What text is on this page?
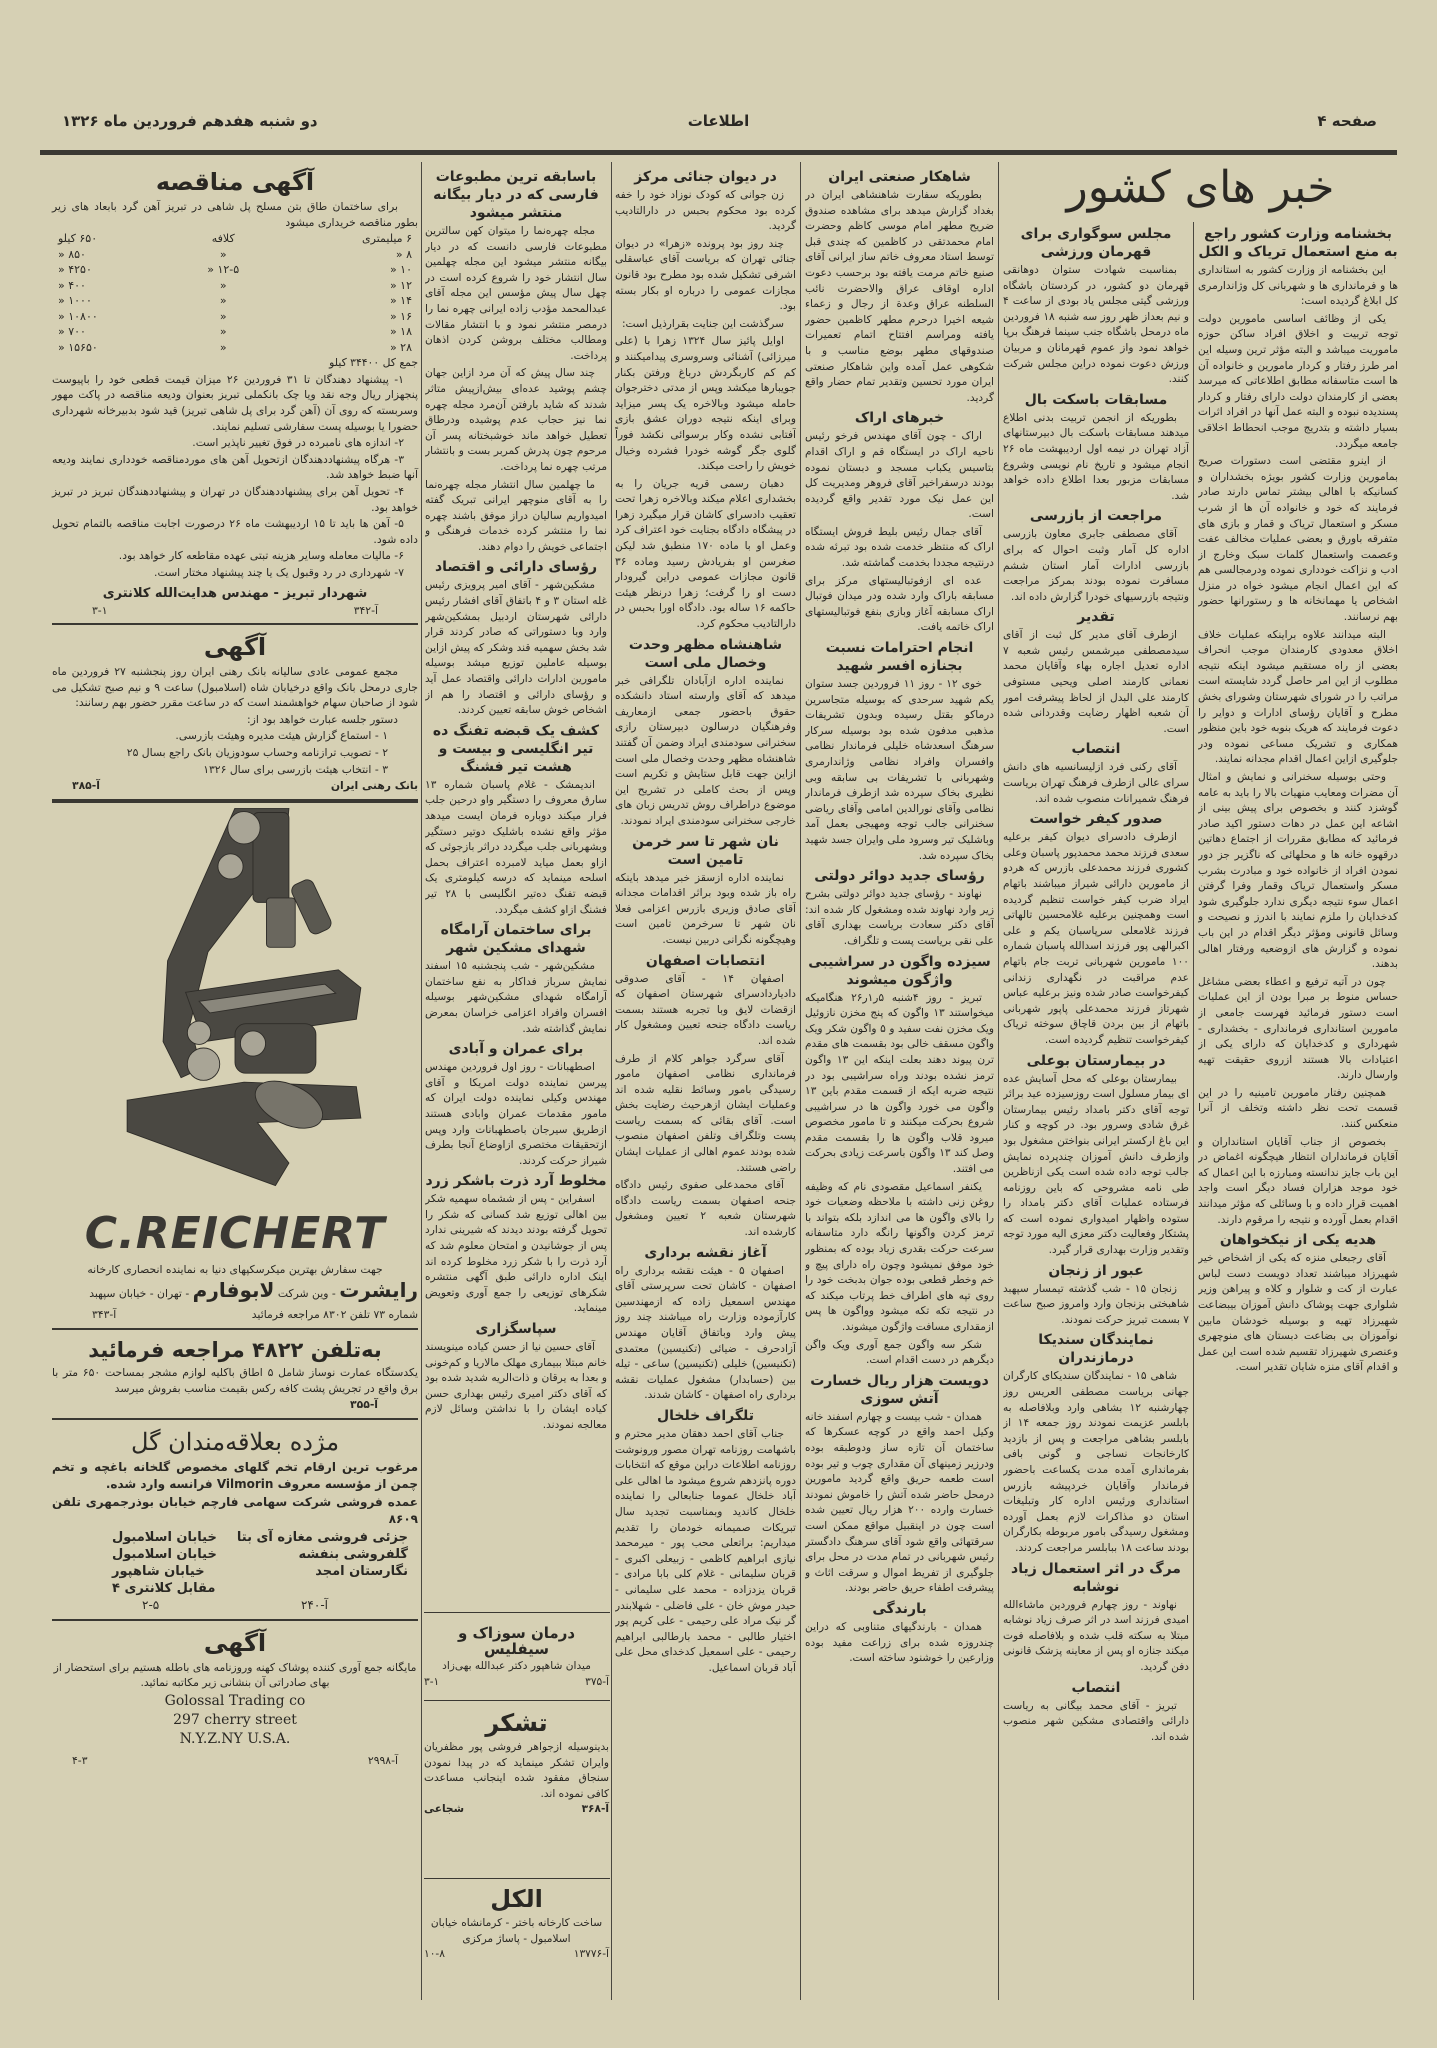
صفحه ۴
اطلاعات
دو شنبه هفدهم فروردین ماه ۱۳۲۶
خبر های کشور
بخشنامه وزارت کشور راجع به منع استعمال تریاک و الکل

این بخشنامه از وزارت کشور به استانداری ها و فرمانداری ها و شهربانی کل وژاندارمری کل ابلاغ گردیده است:

یکی از وظائف اساسی مامورین دولت توجه تربیت و اخلاق افراد ساکن حوزه ماموریت میباشد و البته مؤثر ترین وسیله این امر طرز رفتار و کردار مامورین و خانواده آن ها است متاسفانه مطابق اطلاعاتی که میرسد بعضی از کارمندان دولت دارای رفتار و کردار پسندیده نبوده و البته عمل آنها در افراد اثرات بسیار داشته و بتدریج موجب انحطاط اخلاقی جامعه میگردد.

از اینرو مقتضی است دستورات صریح بمامورین وزارت کشور بویژه بخشداران و کسانیکه با اهالی بیشتر تماس دارند صادر فرمایند که خود و خانواده آن ها از شرب مسکر و استعمال تریاک و قمار و بازی های متفرقه باورق و بعضی عملیات مخالف عفت وعصمت واستعمال کلمات سبک وخارج از ادب و نزاکت خودداری نموده ودرمجالسی هم که این اعمال انجام میشود خواه در منزل اشخاص یا مهمانخانه ها و رستورانها حضور بهم نرسانند.

البته میدانند علاوه براینکه عملیات خلاف اخلاق معدودی کارمندان موجب انحراف بعضی از راه مستقیم میشود اینکه نتیجه مطلوب از این امر حاصل گردد شایسته است مراتب را در شورای شهرستان وشورای بخش مطرح و آقایان رؤسای ادارات و دوایر را دعوت فرمایند که هریک بنوبه خود باین منظور همکاری و تشریک مساعی نموده ودر جلوگیری ازاین اعمال اقدام مجدانه نمایند.

وحتی بوسیله سخنرانی و نمایش و امثال آن مضرات ومعایب منهیات بالا را باید به عامه گوشزد کنند و بخصوص برای پیش بینی از اشاعه این عمل در دهات دستور اکید صادر فرمائید که مطابق مقررات از اجتماع دهاتین درقهوه خانه ها و محلهائی که ناگزیر جز دور نمودن افراد از خانواده خود و مبادرت بشرب مسکر واستعمال تریاک وقمار وفرا گرفتن اعمال سوء نتیجه دیگری ندارد جلوگیری شود کدخدایان را ملزم نمایند با اندرز و نصیحت و وسائل قانونی ومؤثر دیگر اقدام در این باب نموده و گزارش های ازوضعیه ورفتار اهالی بدهند.

چون در آتیه ترفیع و اعطاء بعضی مشاغل حساس منوط بر مبرا بودن از این عملیات است دستور فرمائید فهرست جامعی از مامورین استانداری فرمانداری - بخشداری - شهرداری و کدخدایان که دارای یکی از اعتیادات بالا هستند ازروی حقیقت تهیه وارسال دارند.

همچنین رفتار مامورین تامینیه را در این قسمت تحت نظر داشته وتخلف از آنرا منعکس کنند.

بخصوص از جناب آقایان استانداران و آقایان فرمانداران انتظار هیچگونه اغماض در این باب جایز ندانسته ومبارزه با این اعمال که خود موجد هزاران فساد دیگر است واجد اهمیت قرار داده و با وسائلی که مؤثر میدانند اقدام بعمل آورده و نتیجه را مرقوم دارند.

هدیه یکی از نیکخواهان

آقای رجبعلی منزه که یکی از اشخاص خیر شهیرزاد میباشند تعداد دویست دست لباس عبارت از کت و شلوار و کلاه و پیراهن وزیر شلواری جهت پوشاک دانش آموزان بیبضاعت شهیرزاد تهیه و بوسیله خودشان مابین نوآموزان بی بضاعت دبستان های منوچهری وعنصری شهیرزاد تقسیم شده است این عمل و اقدام آقای منزه شایان تقدیر است.

مجلس سوگواری برای قهرمان ورزشی

بمناسبت شهادت ستوان دوهانقی قهرمان دو کشور، در کردستان باشگاه ورزشی گیتی مجلس یاد بودی از ساعت ۴ و نیم بعداز ظهر روز سه شنبه ۱۸ فروردین ماه درمحل باشگاه جنب سینما فرهنگ برپا خواهد نمود واز عموم قهرمانان و مربیان ورزش دعوت نموده دراین مجلس شرکت کنند.

مسابقات باسکت بال

بطوریکه از انجمن تربیت بدنی اطلاع میدهند مسابقات باسکت بال دبیرستانهای آزاد تهران در نیمه اول اردیبهشت ماه ۲۶ انجام میشود و تاریخ نام نویسی وشروع مسابقات مزبور بعدا اطلاع داده خواهد شد.

مراجعت از بازرسی

آقای مصطفی جابری معاون بازرسی اداره کل آمار وثبت احوال که برای بازرسی ادارات آمار استان ششم مسافرت نموده بودند بمرکز مراجعت ونتیجه بازرسیهای خودرا گزارش داده اند.

تقدیر

ازطرف آقای مدیر کل ثبت از آقای سیدمصطفی میرشمس رئیس شعبه ۷ اداره تعدیل اجاره بهاء وآقایان محمد نعمانی کارمند اصلی ویحیی مستوفی کارمند علی البدل از لحاظ پیشرفت امور آن شعبه اظهار رضایت وقدردانی شده است.

انتصاب

آقای رکنی فرد ازلیسانسیه های دانش سرای عالی ازطرف فرهنگ تهران بریاست فرهنگ شمیرانات منصوب شده اند.

صدور کیفر خواست

ازطرف دادسرای دیوان کیفر برعلیه سعدی فرزند محمد محمدپور پاسبان وعلی کشوری فرزند محمدعلی بازرس که هردو از مامورین دارائی شیراز میباشند باتهام ایراد ضرب کیفر خواست تنظیم گردیده است وهمچنین برعلیه غلامحسین تالهاتی فرزند غلامعلی سرپاسبان یکم و علی اکبرالهی پور فرزند اسدالله پاسبان شماره ۱۰۰ مامورین شهربانی تربت جام باتهام عدم مراقبت در نگهداری زندانی کیفرخواست صادر شده ونیز برعلیه عباس شهرتاز فرزند محمدعلی پاپور شهربانی باتهام از بین بردن قاچاق سوخته تریاک کیفرخواست تنظیم گردیده است.

در بیمارستان بوعلی

بیمارستان بوعلی که محل آسایش عده ای بیمار مسلول است روزسیزده عید برائر توجه آقای دکتر بامداد رئیس بیمارستان غرق شادی وسرور بود. در کوچه و کنار این باغ ارکستر ایرانی بنواختن مشغول بود وازطرف دانش آموزان چندپرده نمایش جالب توجه داده شده است یکی ازناظرین طی نامه مشروحی که باین روزنامه فرستاده عملیات آقای دکتر بامداد را ستوده واظهار امیدواری نموده است که پشتکار وفعالیت دکتر معزی الیه مورد توجه وتقدیر وزارت بهداری قرار گیرد.

عبور از زنجان

زنجان ۱۵ - شب گذشته تیمسار سپهبد شاهبختی بزنجان وارد وامروز صبح ساعت ۷ بسمت تبریز حرکت نمودند.

نمایندگان سندیکا درمازندران

شاهی ۱۵ - نمایندگان سندیکای کارگران جهانی بریاست مصطفی العریس روز چهارشنبه ۱۲ بشاهی وارد وبلافاصله به بابلسر عزیمت نمودند روز جمعه ۱۴ از بابلسر بشاهی مراجعت و پس از بازدید کارخانجات نساجی و گونی بافی بفرمانداری آمده مدت یکساعت باحضور فرماندار وآقایان خردپیشه بازرس استانداری ورئیس اداره کار وتبلیغات استان دو مذاکرات لازم بعمل آورده ومشغول رسیدگی بامور مربوطه بکارگران بودند ساعت ۱۸ ببابلسر مراجعت کردند.

مرگ در اثر استعمال زیاد نوشابه

نهاوند - روز چهارم فروردین ماشاءالله امیدی فرزند اسد در اثر صرف زیاد نوشابه مبتلا به سکته قلب شده و بلافاصله فوت میکند جنازه او پس از معاینه پزشک قانونی دفن گردید.

انتصاب

تبریز - آقای محمد بیگانی به ریاست دارائی واقتصادی مشکین شهر منصوب شده اند.

شاهکار صنعتی ایران

بطوریکه سفارت شاهنشاهی ایران در بغداد گزارش میدهد برای مشاهده صندوق ضریح مطهر امام موسی کاظم وحضرت امام محمدتقی در کاظمین که چندی قبل توسط استاد معروف خاتم ساز ایرانی آقای صنیع خاتم مرمت یافته بود برحسب دعوت اداره اوقاف عراق والاحضرت نائب السلطنه عراق وعدة از رجال و زعماء شیعه اخیرا درحرم مطهر کاظمین حضور یافته ومراسم افتتاح اتمام تعمیرات صندوقهای مطهر بوضع مناسب و با شکوهی عمل آمده واین شاهکار صنعتی ایران مورد تحسین وتقدیر تمام حضار واقع گردید.

خبرهای اراک

اراک - چون آقای مهندس فرخو رئیس ناحیه اراک در ایستگاه قم و اراک اقدام بتاسیس یکباب مسجد و دبستان نموده بودند درسفراخیر آقای فروهر ومدیریت کل این عمل نیک مورد تقدیر واقع گردیده است.

آقای جمال رئیس بلیط فروش ایستگاه اراک که منتظر خدمت شده بود تبرئه شده درنتیجه مجددا بخدمت گماشته شد.

عده ای ازفوتبالیستهای مرکز برای مسابقه باراک وارد شده ودر میدان فوتبال اراک مسابقه آغاز وبازی بنفع فوتبالیستهای اراک خاتمه یافت.

انجام احترامات نسبت بجنازه افسر شهید

خوی ۱۲ - روز ۱۱ فروردین جسد ستوان یکم شهید سرحدی که بوسیله متجاسرین درماکو بقتل رسیده وبدون تشریفات مذهبی مدفون شده بود بوسیله سرکار سرهنگ اسعدشاه خلیلی فرماندار نظامی وافسران وافراد نظامی وژاندارمری وشهربانی با تشریفات بی سابقه وبی نظیری بخاک سپرده شد ازطرف فرماندار نظامی وآقای نورالدین امامی وآقای ریاضی سخنرانی جالب توجه ومهیجی بعمل آمد وباشلیک تیر وسرود ملی وایران جسد شهید بخاک سپرده شد.

رؤسای جدید دوائر دولتی

نهاوند - رؤسای جدید دوائر دولتی بشرح زیر وارد نهاوند شده ومشغول کار شده اند: آقای دکتر سعادت بریاست بهداری آقای علی نقی بریاست پست و تلگراف.

سیزده واگون در سراشیبی واژگون میشوند

تبریز - روز ۴شنبه ۵ر۱ر۲۶ هنگامیکه میخواستند ۱۳ واگون که پنج مخزن نازوئیل ویک مخزن نفت سفید و ۵ واگون شکر ویک واگون مسقف خالی بود بقسمت های مقدم ترن پیوند دهند بعلت اینکه این ۱۳ واگون ترمز نشده بودند وراه سراشیبی بود در نتیجه ضربه ایکه از قسمت مقدم باین ۱۳ واگون می خورد واگون ها در سراشیبی شروع بحرکت میکنند و تا مامور مخصوص میرود قلاب واگون ها را بقسمت مقدم وصل کند ۱۳ واگون باسرعت زیادی بحرکت می افتند.

یکنفر اسماعیل مقصودی نام که وظیفه روغن زنی داشته با ملاحظه وضعیات خود را بالای واگون ها می اندازد بلکه بتواند با ترمز کردن واگونها رانگه دارد متاسفانه سرعت حرکت بقدری زیاد بوده که بمنظور خود موفق نمیشود وچون راه دارای پیچ و خم وخطر قطعی بوده جوان بدبخت خود را روی تپه های اطراف خط پرتاب میکند که در نتیجه تکه تکه میشود وواگون ها پس ازمقداری مسافت واژگون میشوند.

شکر سه واگون جمع آوری ویک واگن دیگرهم در دست اقدام است.

دویست هزار ریال خسارت آتش سوزی

همدان - شب بیست و چهارم اسفند خانه وکیل احمد واقع در کوچه عسکرها که ساختمان آن تازه ساز ودوطبقه بوده ودرزیر زمینهای آن مقداری چوب و تیر بوده است طعمه حریق واقع گردید مامورین درمحل حاضر شده آتش را خاموش نمودند خسارت وارده ۲۰۰ هزار ریال تعیین شده است چون در اینقبیل مواقع ممکن است سرقتهائی واقع شود آقای سرهنگ دادگستر رئیس شهربانی در تمام مدت در محل برای جلوگیری از تفریط اموال و سرقت اثاث و پیشرفت اطفاء حریق حاضر بودند.

بارندگی

همدان - بارندگیهای متناوبی که دراین چندروزه شده برای زراعت مفید بوده وزارعین را خوشنود ساخته است.

در دیوان جنائی مرکز

زن جوانی که کودک نوزاد خود را خفه کرده بود محکوم بحبس در دارالتادیب گردید.

چند روز بود پرونده «زهرا» در دیوان جنائی تهران که بریاست آقای عباسقلی اشرفی تشکیل شده بود مطرح بود قانون مجازات عمومی را درباره او بکار بسته بود.

سرگذشت این جنایت بقرارذیل است:

اوایل پائیز سال ۱۳۲۴ زهرا با (علی میرزائی) آشنائی وسروسری پیدامیکنند و کم کم کاربگردش درباغ ورفتن بکنار جویبارها میکشد وپس از مدتی دخترجوان حامله میشود وبالاخره یک پسر میزاید وبرای اینکه نتیجه دوران عشق بازی آفتابی نشده وکار برسوائی نکشد فوراً گلوی جگر گوشه خودرا فشرده وخیال خویش را راحت میکند.

دهبان رسمی قریه جریان را به بخشداری اعلام میکند وبالاخره زهرا تحت تعقیب دادسرای کاشان قرار میگیرد زهرا در پیشگاه دادگاه بجنایت خود اعتراف کرد وعمل او با ماده ۱۷۰ منطبق شد لیکن صغرسن او بفریادش رسید وماده ۳۶ قانون مجازات عمومی دراین گیرودار دست او را گرفت؛ زهرا درنظر هیئت حاکمه ۱۶ ساله بود. دادگاه اورا بحبس در دارالتادیب محکوم کرد.

شاهنشاه مظهر وحدت وخصال ملی است

نماینده اداره ازآبادان تلگرافی خبر میدهد که آقای وارسته استاد دانشکده حقوق باحضور جمعی ازمعاریف وفرهنگیان درسالون دبیرستان رازی سخنرانی سودمندی ایراد وضمن آن گفتند شاهنشاه مظهر وحدت وخصال ملی است ازاین جهت قابل ستایش و تکریم است وپس از بحث کاملی در تشریح این موضوع دراطراف روش تدریس زبان های خارجی سخنرانی سودمندی ایراد نمودند.

نان شهر تا سر خرمن تامین است

نماینده اداره ازسقز خبر میدهد باینکه راه باز شده وبود براثر اقدامات مجدانه آقای صادق وزیری بازرس اعزامی فعلا نان شهر تا سرخرمن تامین است وهیچگونه نگرانی دربین نیست.

انتصابات اصفهان

اصفهان ۱۴ - آقای صدوقی دادیاردادسرای شهرستان اصفهان که ازقضات لایق وبا تجربه هستند بسمت ریاست دادگاه جنحه تعیین ومشغول کار شده اند.

آقای سرگرد جواهر کلام از طرف فرمانداری نظامی اصفهان مامور رسیدگی بامور وسائط نقلیه شده اند وعملیات ایشان ازهرحیث رضایت بخش است. آقای بقائی که بسمت ریاست پست وتلگراف وتلفن اصفهان منصوب شده بودند عموم اهالی از عملیات ایشان راضی هستند.

آقای محمدعلی صفوی رئیس دادگاه جنحه اصفهان بسمت ریاست دادگاه شهرستان شعبه ۲ تعیین ومشغول کارشده اند.

آغاز نقشه برداری

اصفهان ۵ - هیئت نقشه برداری راه اصفهان - کاشان تحت سرپرستی آقای مهندس اسمعیل زاده که ازمهندسین کارآزموده وزارت راه میباشند چند روز پیش وارد وباتفاق آقایان مهندس آزادحرف - ضیائی (تکنیسین) معتمدی (تکنیسین) خلیلی (تکنیسین) ساعی - تیله بین (حسابدار) مشغول عملیات نقشه برداری راه اصفهان - کاشان شدند.

تلگراف خلخال

جناب آقای احمد دهقان مدیر محترم و باشهامت روزنامه تهران مصور ورونوشت روزنامه اطلاعات دراین موقع که انتخابات دوره پانزدهم شروع میشود ما اهالی علی آباد خلخال عموما جنابعالی را نماینده خلخال کاندید وبمناسبت تجدید سال تبریکات صمیمانه خودمان را تقدیم میداریم: براتعلی محب پور - میرمحمد نیازی ابراهیم کاظمی - زبیعلی اکبری - قربان سلیمانی - غلام کلی بابا مرادی - قربان یزدزاده - محمد علی سلیمانی - حیدر موش خان - علی فاضلی - شهلابندر گر نیک مراد علی رحیمی - علی کریم پور اختیار طالبی - محمد بارطالبی ابراهیم رحیمی - علی اسمعیل کدخدای محل علی آباد قربان اسماعیل.

باسابقه ترین مطبوعات فارسی که در دیار بیگانه منتشر میشود

مجله چهره‌نما را میتوان کهن سالترین مطبوعات فارسی دانست که در دیار بیگانه منتشر میشود این مجله چهلمین سال انتشار خود را شروع کرده است در چهل سال پیش مؤسس این مجله آقای عبدالمحمد مؤدب زاده ایرانی چهره نما را درمصر منتشر نمود و با انتشار مقالات ومطالب مختلف بروشن کردن اذهان پرداخت.

چند سال پیش که آن مرد ازاین جهان چشم پوشید عده‌ای بیش‌ازپیش متاثر شدند که شاید بارفتن آن‌مرد مجله چهره نما نیز حجاب عدم پوشیده ودرطاق تعطیل خواهد ماند خوشبختانه پسر آن مرحوم چون پدرش کمربر بست و بانتشار مرتب چهره نما پرداخت.

ما چهلمین سال انتشار مجله چهره‌نما را به آقای منوچهر ایرانی تبریک گفته امیدواریم سالیان دراز موفق باشند چهره نما را منتشر کرده خدمات فرهنگی و اجتماعی خویش را دوام دهند.

رؤسای دارائی و اقتصاد

مشکین‌شهر - آقای امیر پرویزی رئیس غله استان ۳ و ۴ باتفاق آقای افشار رئیس دارائی شهرستان اردبیل بمشکین‌شهر وارد وبا دستوراتی که صادر کردند قرار شد بخش سهمیه قند وشکر که پیش ازاین بوسیله عاملین توزیع میشد بوسیله مامورین ادارات دارائی واقتصاد عمل آید و رؤسای دارائی و اقتصاد را هم از اشخاص خوش سابقه تعیین کردند.

کشف یک قبضه تفنگ ده تیر انگلیسی و بیست و هشت تیر فشنگ

اندیمشک - غلام پاسبان شماره ۱۳ سارق معروف را دستگیر واو درحین جلب فرار میکند دوباره فرمان ایست میدهد مؤثر واقع نشده باشلیک دوتیر دستگیر وبشهربانی جلب میگردد دراثر بازجوئی که ازاو بعمل میاید لامبرده اعتراف بحمل اسلحه مینماید که درسه کیلومتری یک قبضه تفنگ ده‌تیر انگلیسی با ۲۸ تیر فشنگ ازاو کشف میگردد.

برای ساختمان آرامگاه شهدای مشکین شهر

مشکین‌شهر - شب پنجشنبه ۱۵ اسفند نمایش سرباز فداکار به نفع ساختمان آرامگاه شهدای مشکین‌شهر بوسیله افسران وافراد اعزامی خراسان بمعرض نمایش گذاشته شد.

برای عمران و آبادی

اصطهبانات - روز اول فروردین مهندس پیرسن نماینده دولت امریکا و آقای مهندس وکیلی نماینده دولت ایران که مامور مقدمات عمران وابادی هستند ازطریق سیرجان باصطهبانات وارد وپس ازتحقیقات مختصری ازاوضاع آنجا بطرف شیراز حرکت کردند.

مخلوط آرد ذرت باشکر زرد

اسفراین - پس از ششماه سهمیه شکر بین اهالی توزیع شد کسانی که شکر را تحویل گرفته بودند دیدند که شیرینی ندارد پس از جوشانیدن و امتحان معلوم شد که آرد ذرت را با شکر زرد مخلوط کرده اند اینک اداره دارائی طبق آگهی منتشره شکرهای توزیعی را جمع آوری وتعویض مینماید.

سپاسگزاری

آقای حسین نیا از حسن کیاده مینویسند خانم مبتلا ببیماری مهلک مالاریا و کم‌خونی و بعدا به یرقان و ذات‌الریه شدید شده بود که آقای دکتر امیری رئیس بهداری حسن کیاده ایشان را با نداشتن وسائل لازم معالجه نمودند.

درمان سوزاک و سیفلیس

میدان شاهپور دکتر عبدالله بهی‌زاد

آ-۳۷۵
۳-۱
تشکر

بدینوسیله ازجواهر فروشی پور مظفریان وایران تشکر مینماید که در پیدا نمودن سنجاق مفقود شده اینجانب مساعدت کافی نموده اند.

آ-۳۶۸
شجاعی
الکل

ساخت کارخانه باختر - کرمانشاه خیابان اسلامبول - پاساژ مرکزی

آ-۱۳۷۷۶
۱۰-۸
آگهی مناقصه

برای ساختمان طاق بتن مسلح پل شاهی در تبریز آهن گرد بابعاد های زیر بطور مناقصه خریداری میشود

۶ میلیمتری	کلافه	۶۵۰ کیلو
۸ «	«	۸۵۰ «
۱۰ «	۱۲-۵ «	۴۲۵۰ «
۱۲ «	«	۴۰۰ «
۱۴ «	«	۱۰۰۰ «
۱۶ «	«	۱۰۸۰۰ «
۱۸ «	«	۷۰۰ «
۲۸ «	«	۱۵۶۵۰ «

جمع کل ۳۴۴۰۰ کیلو

۱- پیشنهاد دهندگان تا ۳۱ فروردین ۲۶ میزان قیمت قطعی خود را باپیوست پنجهزار ریال وجه نقد ویا چک بانکملی تبریز بعنوان ودیعه مناقصه در پاکت مهور وسربسته که روی آن (آهن گرد برای پل شاهی تبریز) قید شود بدبیرخانه شهرداری حضورا یا بوسیله پست سفارشی تسلیم نمایند.

۲- اندازه های نامبرده در فوق تغییر ناپذیر است.

۳- هرگاه پیشنهاددهندگان ازتحویل آهن های موردمناقصه خودداری نمایند ودیعه آنها ضبط خواهد شد.

۴- تحویل آهن برای پیشنهاددهندگان در تهران و پیشنهاددهندگان تبریز در تبریز خواهد بود.

۵- آهن ها باید تا ۱۵ اردیبهشت ماه ۲۶ درصورت اجابت مناقصه بالتمام تحویل داده شود.

۶- مالیات معامله وسایر هزینه تبتی عهده مقاطعه کار خواهد بود.

۷- شهرداری در رد وقبول یک یا چند پیشنهاد مختار است.

شهردار تبریز - مهندس هدایت‌الله کلانتری
آ-۳۴۲
۳-۱
آگهی

مجمع عمومی عادی سالیانه بانک رهنی ایران روز پنجشنبه ۲۷ فروردین ماه جاری درمحل بانک واقع درخیابان شاه (اسلامبول) ساعت ۹ و نیم صبح تشکیل می شود از صاحبان سهام خواهشمند است که در ساعت مقرر حضور بهم رسانند:

دستور جلسه عبارت خواهد بود از:

۱ - استماع گزارش هیئت مدیره وهیئت بازرسی.

۲ - تصویب ترازنامه وحساب سودوزیان بانک راجع بسال ۲۵

۳ - انتخاب هیئت بازرسی برای سال ۱۳۲۶

بانک رهنی ایران
آ-۳۸۵
C.REICHERT

جهت سفارش بهترین میکرسکپهای دنیا به نماینده انحصاری کارخانه

رایشرت - وین شرکت لابوفارم - تهران - خیابان سپهبد

شماره ۷۳ تلفن ۸۳۰۲ مراجعه فرمائید
آ-۳۴۳
به‌تلفن ۴۸۲۲ مراجعه فرمائید

یکدستگاه عمارت نوساز شامل ۵ اطاق باکلیه لوازم مشجر بمساحت ۶۵۰ متر با برق واقع در تجریش پشت کافه رکس بقیمت مناسب بفروش میرسد

آ-۳۵۵

مژده بعلاقه‌مندان گل

مرغوب ترین ارقام تخم گلهای مخصوص گلخانه باغچه و تخم چمن از مؤسسه معروف Vilmorin فرانسه وارد شده.

عمده فروشی شرکت سهامی فارچم خیابان بوذرجمهری تلفن ۸۶۰۹

جزئی فروشی مغازه آی بتا
خیابان اسلامبول
گلفروشی بنفشه
خیابان اسلامبول
نگارستان امجد
خیابان شاهپور
مقابل کلانتری ۴
آ-۲۴۰
۲-۵
آگهی

مایگانه جمع آوری کننده پوشاک کهنه وروزنامه های باطله هستیم برای استحضار از بهای صادراتی آن بنشانی زیر مکاتبه نمائید.

Golossal Trading co
297 cherry street
N.Y.Z.NY U.S.A.
آ-۲۹۹۸
۴-۳
